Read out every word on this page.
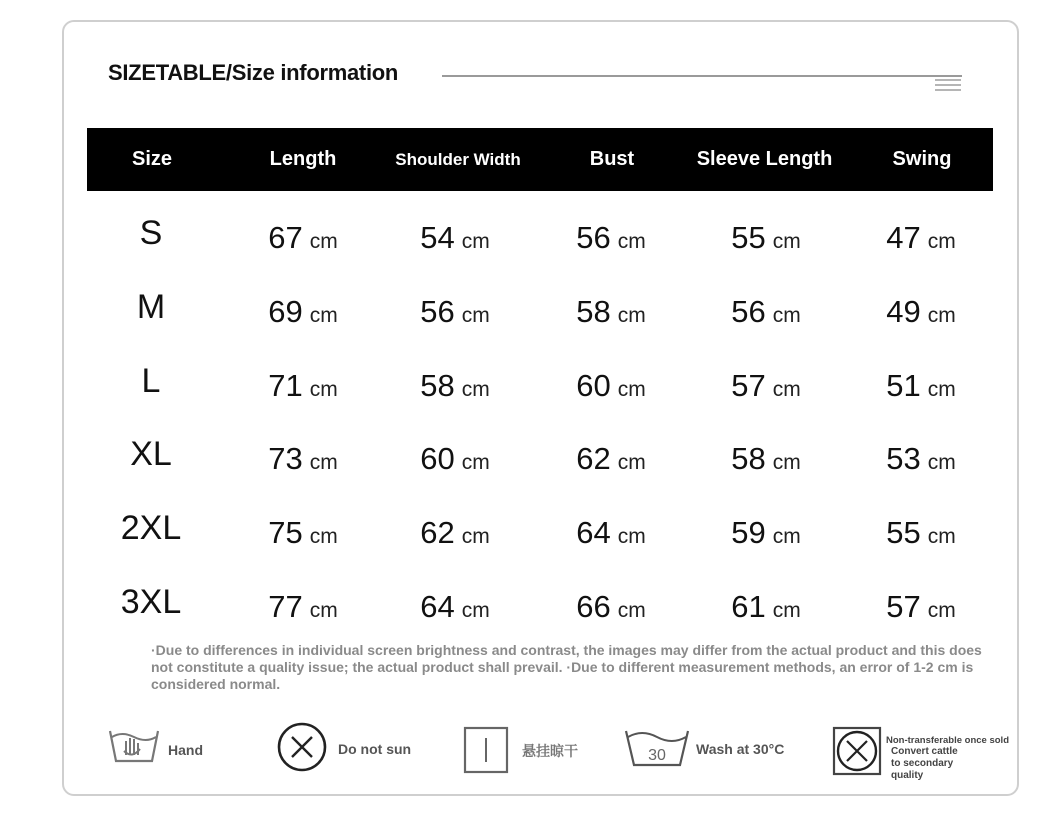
SIZETABLE/Size information
Size	Length	Shoulder Width	Bust	Sleeve Length	Swing
S	67 cm	54 cm	56 cm	55 cm	47 cm
M	69 cm	56 cm	58 cm	56 cm	49 cm
L	71 cm	58 cm	60 cm	57 cm	51 cm
XL	73 cm	60 cm	62 cm	58 cm	53 cm
2XL	75 cm	62 cm	64 cm	59 cm	55 cm
3XL	77 cm	64 cm	66 cm	61 cm	57 cm
·Due to differences in individual screen brightness and contrast, the images may differ from the actual product and this does not constitute a quality issue; the actual product shall prevail. ·Due to different measurement methods, an error of 1-2 cm is considered normal.
Hand	Do not sun	悬挂晾干	30 Wash at 30°C
Non-transferable once sold
Convert cattle
to secondary
quality
